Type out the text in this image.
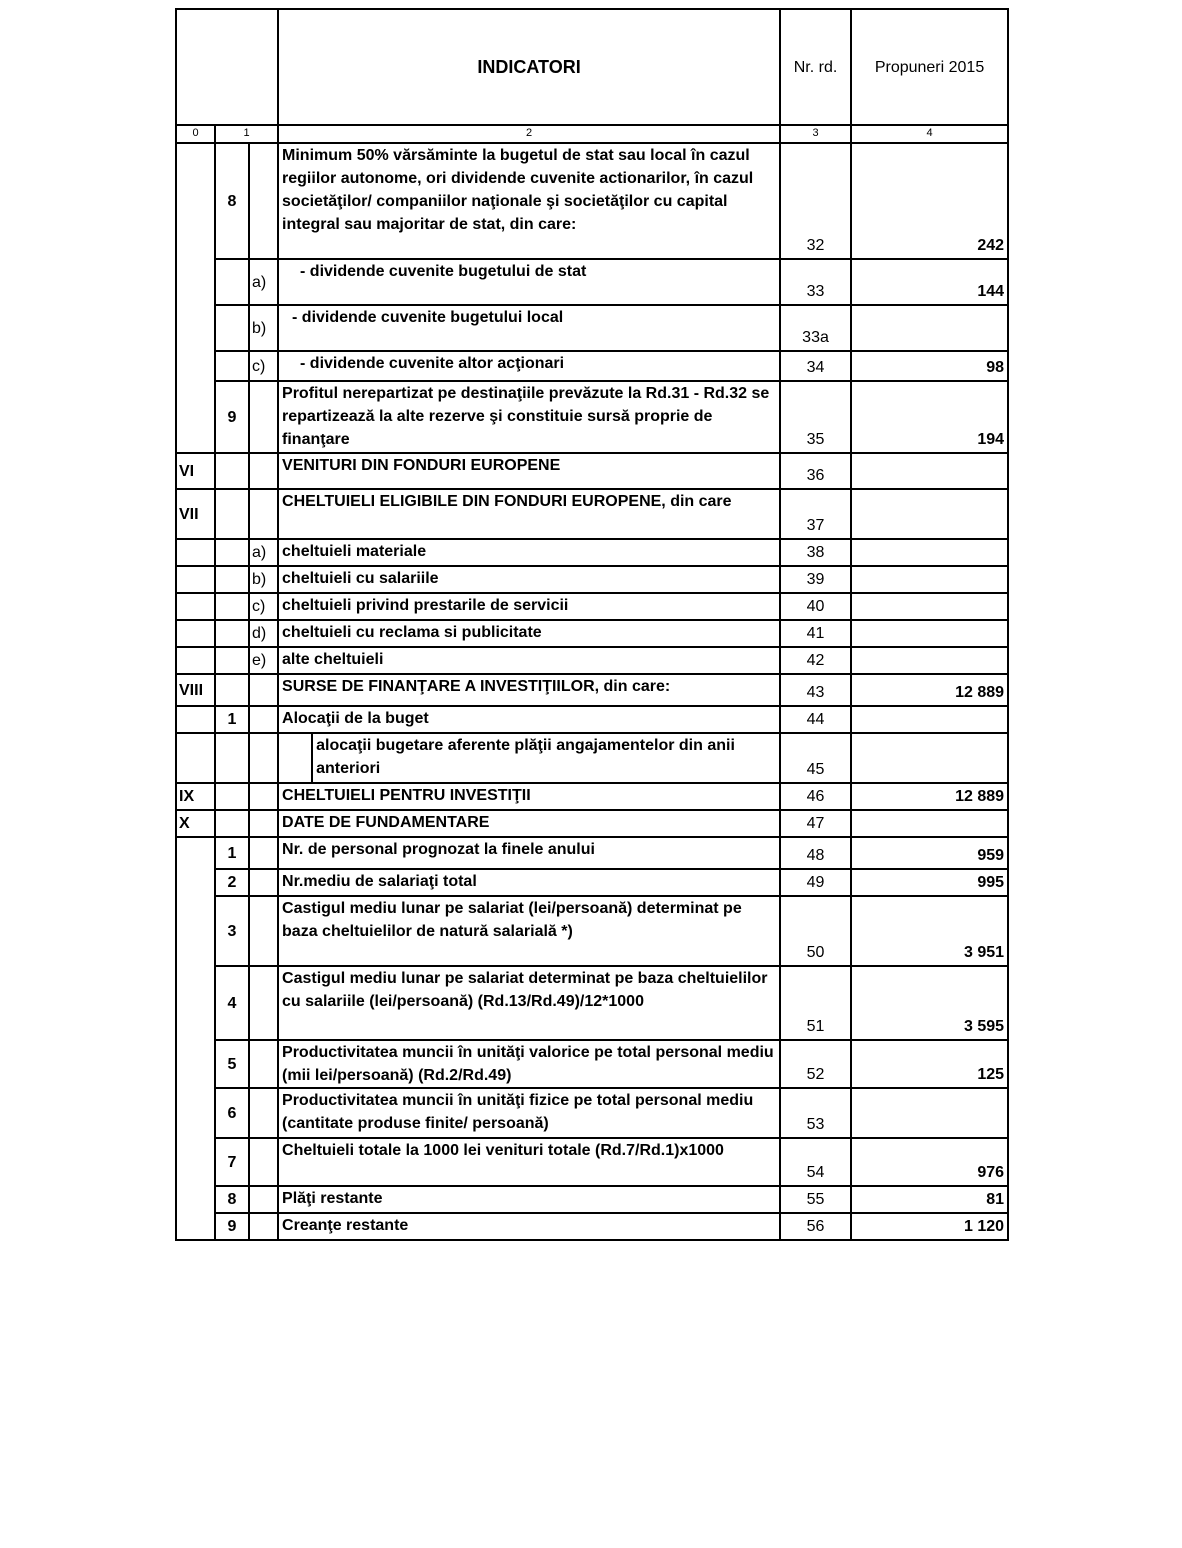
			INDICATORI	Nr. rd.	Propuneri 2015
0	1		2	3	4
	8		Minimum 50% vărsăminte la bugetul de stat sau local în cazul regiilor autonome, ori dividende cuvenite actionarilor, în cazul societăţilor/ companiilor naţionale şi societăţilor cu capital integral sau majoritar de stat, din care:	32	242
		a)	- dividende cuvenite bugetului de stat	33	144
		b)	- dividende cuvenite bugetului local	33a	
		c)	- dividende cuvenite altor acţionari	34	98
	9		Profitul nerepartizat pe destinaţiile prevăzute la Rd.31 - Rd.32 se repartizează la alte rezerve şi constituie sursă proprie de finanţare	35	194
VI			VENITURI DIN FONDURI EUROPENE	36	
VII			CHELTUIELI ELIGIBILE DIN FONDURI EUROPENE, din care	37	
		a)	cheltuieli materiale	38	
		b)	cheltuieli cu salariile	39	
		c)	cheltuieli privind prestarile de servicii	40	
		d)	cheltuieli cu reclama si publicitate	41	
		e)	alte cheltuieli	42	
VIII			SURSE DE FINANŢARE A INVESTIŢIILOR, din care:	43	12 889
	1		Alocaţii de la buget	44	

			alocaţii bugetare aferente plăţii angajamentelor din anii anteriori	45	
IX			CHELTUIELI PENTRU INVESTIŢII	46	12 889
X			DATE DE FUNDAMENTARE	47	
	1		Nr. de personal prognozat la finele anului	48	959
	2		Nr.mediu de salariaţi total	49	995
	3		Castigul mediu lunar pe salariat (lei/persoană) determinat pe baza cheltuielilor de natură salarială *)	50	3 951
	4		Castigul mediu lunar pe salariat determinat pe baza cheltuielilor cu salariile (lei/persoană) (Rd.13/Rd.49)/12*1000	51	3 595
	5		Productivitatea muncii în unităţi valorice pe total personal mediu (mii lei/persoană) (Rd.2/Rd.49)	52	125
	6		Productivitatea muncii în unităţi fizice pe total personal mediu (cantitate produse finite/ persoană)	53	
	7		Cheltuieli totale la 1000 lei venituri totale (Rd.7/Rd.1)x1000	54	976
	8		Plăţi restante	55	81
	9		Creanţe restante	56	1 120
